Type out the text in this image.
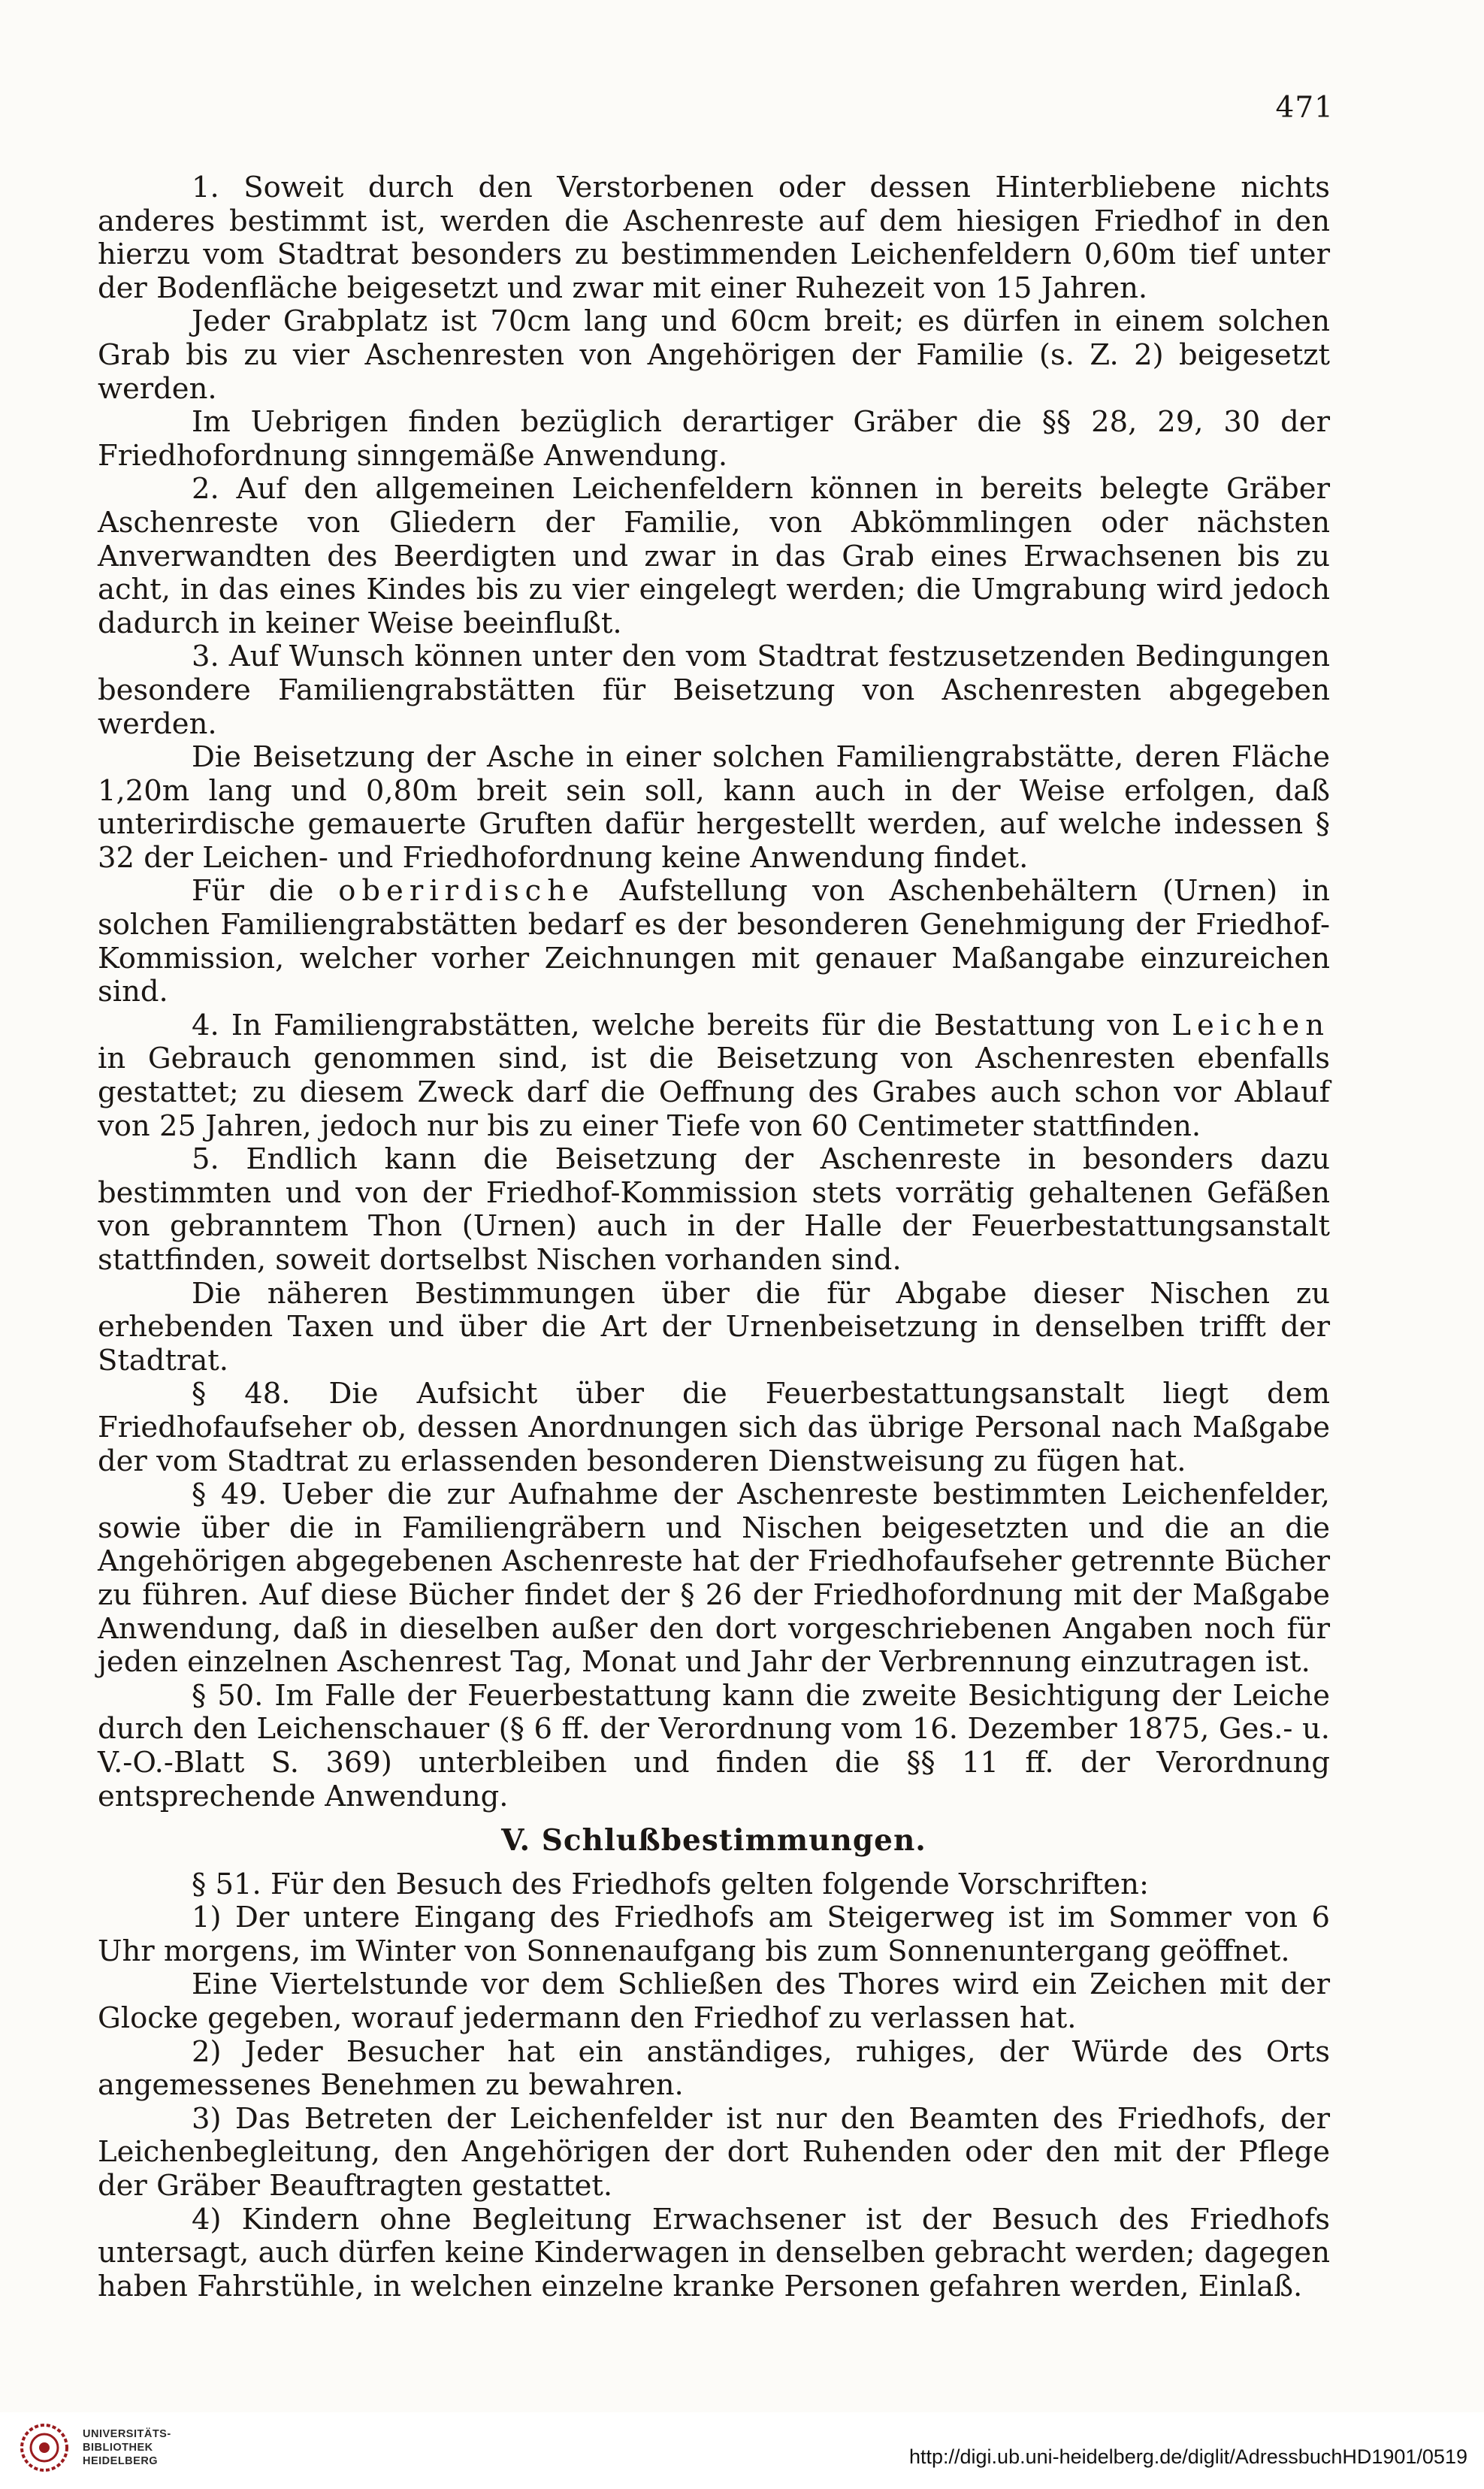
471

1. Soweit durch den Verstorbenen oder dessen Hinterbliebene nichts anderes bestimmt ist, werden die Aschenreste auf dem hiesigen Friedhof in den hierzu vom Stadtrat besonders zu bestimmenden Leichenfeldern 0,60m tief unter der Bodenfläche beigesetzt und zwar mit einer Ruhezeit von 15 Jahren.

Jeder Grabplatz ist 70cm lang und 60cm breit; es dürfen in einem solchen Grab bis zu vier Aschenresten von Angehörigen der Familie (s. Z. 2) beigesetzt werden.

Im Uebrigen finden bezüglich derartiger Gräber die §§ 28, 29, 30 der Friedhofordnung sinngemäße Anwendung.

2. Auf den allgemeinen Leichenfeldern können in bereits belegte Gräber Aschenreste von Gliedern der Familie, von Abkömmlingen oder nächsten Anverwandten des Beerdigten und zwar in das Grab eines Erwachsenen bis zu acht, in das eines Kindes bis zu vier eingelegt werden; die Umgrabung wird jedoch dadurch in keiner Weise beeinflußt.

3. Auf Wunsch können unter den vom Stadtrat festzusetzenden Bedingungen besondere Familiengrabstätten für Beisetzung von Aschenresten abgegeben werden.

Die Beisetzung der Asche in einer solchen Familiengrabstätte, deren Fläche 1,20m lang und 0,80m breit sein soll, kann auch in der Weise erfolgen, daß unterirdische gemauerte Gruften dafür hergestellt werden, auf welche indessen § 32 der Leichen- und Friedhofordnung keine Anwendung findet.

Für die oberirdische Aufstellung von Aschenbehältern (Urnen) in solchen Familiengrabstätten bedarf es der besonderen Genehmigung der Friedhof-Kommission, welcher vorher Zeichnungen mit genauer Maßangabe einzureichen sind.

4. In Familiengrabstätten, welche bereits für die Bestattung von Leichen in Gebrauch genommen sind, ist die Beisetzung von Aschenresten ebenfalls gestattet; zu diesem Zweck darf die Oeffnung des Grabes auch schon vor Ablauf von 25 Jahren, jedoch nur bis zu einer Tiefe von 60 Centimeter stattfinden.

5. Endlich kann die Beisetzung der Aschenreste in besonders dazu bestimmten und von der Friedhof-Kommission stets vorrätig gehaltenen Gefäßen von gebranntem Thon (Urnen) auch in der Halle der Feuerbestattungsanstalt stattfinden, soweit dortselbst Nischen vorhanden sind.

Die näheren Bestimmungen über die für Abgabe dieser Nischen zu erhebenden Taxen und über die Art der Urnenbeisetzung in denselben trifft der Stadtrat.

§ 48. Die Aufsicht über die Feuerbestattungsanstalt liegt dem Friedhofaufseher ob, dessen Anordnungen sich das übrige Personal nach Maßgabe der vom Stadtrat zu erlassenden besonderen Dienstweisung zu fügen hat.

§ 49. Ueber die zur Aufnahme der Aschenreste bestimmten Leichenfelder, sowie über die in Familiengräbern und Nischen beigesetzten und die an die Angehörigen abgegebenen Aschenreste hat der Friedhofaufseher getrennte Bücher zu führen. Auf diese Bücher findet der § 26 der Friedhofordnung mit der Maßgabe Anwendung, daß in dieselben außer den dort vorgeschriebenen Angaben noch für jeden einzelnen Aschenrest Tag, Monat und Jahr der Verbrennung einzutragen ist.

§ 50. Im Falle der Feuerbestattung kann die zweite Besichtigung der Leiche durch den Leichenschauer (§ 6 ff. der Verordnung vom 16. Dezember 1875, Ges.- u. V.-O.-Blatt S. 369) unterbleiben und finden die §§ 11 ff. der Verordnung entsprechende Anwendung.

V. Schlußbestimmungen.

§ 51. Für den Besuch des Friedhofs gelten folgende Vorschriften:

1) Der untere Eingang des Friedhofs am Steigerweg ist im Sommer von 6 Uhr morgens, im Winter von Sonnenaufgang bis zum Sonnenuntergang geöffnet.

Eine Viertelstunde vor dem Schließen des Thores wird ein Zeichen mit der Glocke gegeben, worauf jedermann den Friedhof zu verlassen hat.

2) Jeder Besucher hat ein anständiges, ruhiges, der Würde des Orts angemessenes Benehmen zu bewahren.

3) Das Betreten der Leichenfelder ist nur den Beamten des Friedhofs, der Leichenbegleitung, den Angehörigen der dort Ruhenden oder den mit der Pflege der Gräber Beauftragten gestattet.

4) Kindern ohne Begleitung Erwachsener ist der Besuch des Friedhofs untersagt, auch dürfen keine Kinderwagen in denselben gebracht werden; dagegen haben Fahrstühle, in welchen einzelne kranke Personen gefahren werden, Einlaß.

UNIVERSITÄTS-
BIBLIOTHEK
HEIDELBERG	http://digi.ub.uni-heidelberg.de/diglit/AdressbuchHD1901/0519
